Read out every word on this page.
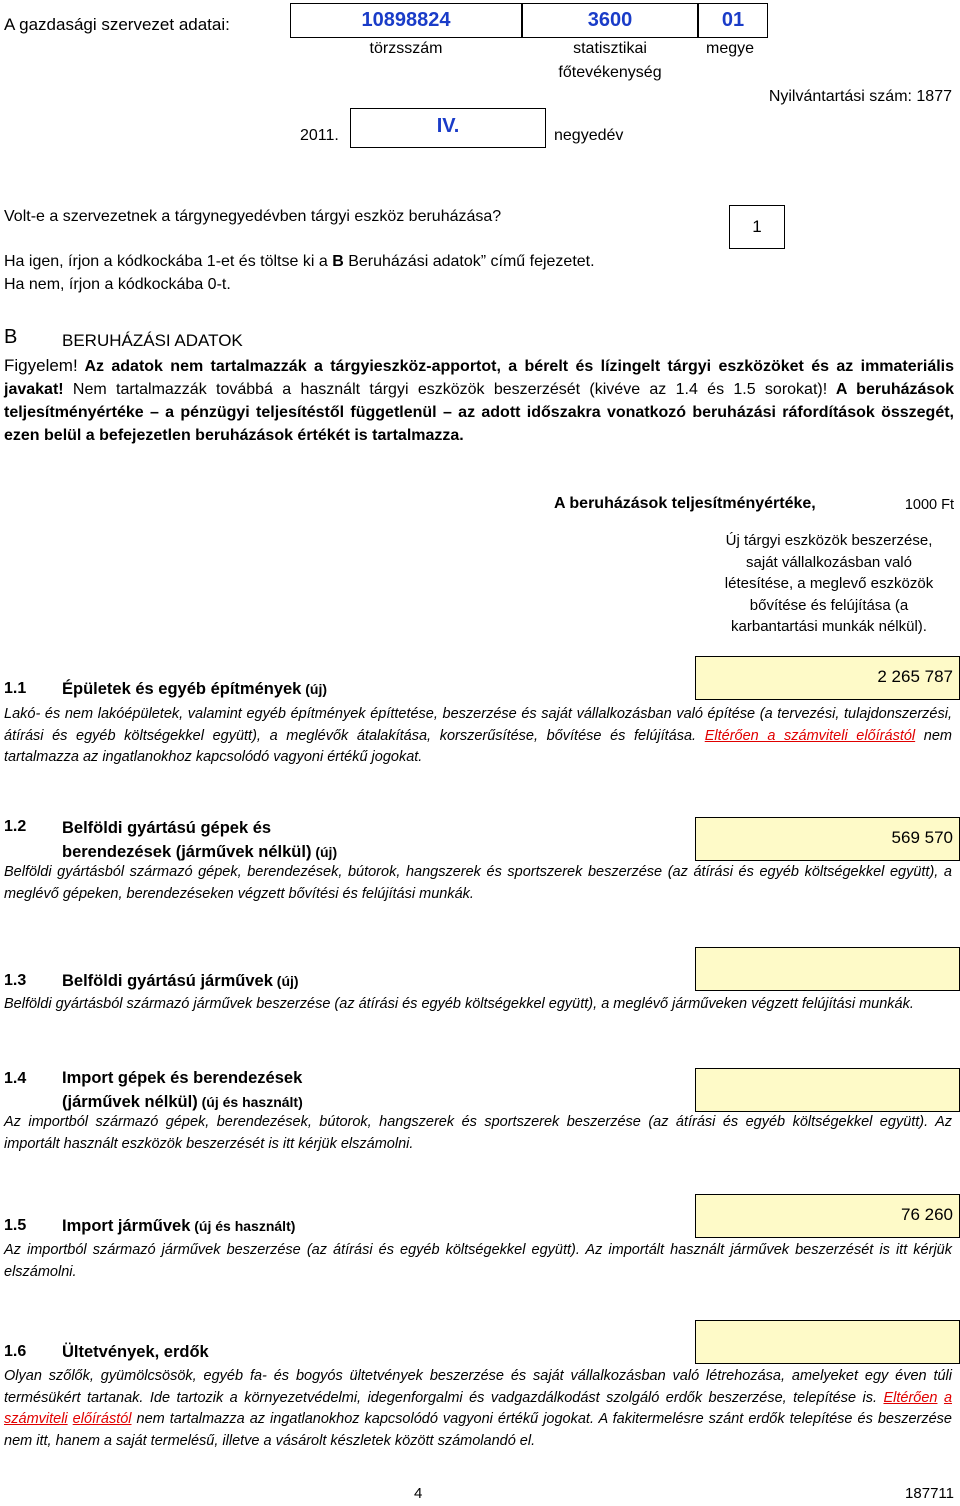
A gazdasági szervezet adatai:	10898824	3600	01
törzsszám	statisztikai
főtevékenység
megye
Nyilvántartási szám: 1877
2011.	IV.	negyedév
Volt-e a szervezetnek a tárgynegyedévben tárgyi eszköz beruházása?
Ha igen, írjon a kódkockába 1-et és töltse ki a B Beruházási adatok” című fejezetet.
Ha nem, írjon a kódkockába 0-t.
1
B	BERUHÁZÁSI ADATOK
Figyelem! Az adatok nem tartalmazzák a tárgyieszköz-apportot, a bérelt és lízingelt tárgyi eszközöket és az immateriális javakat! Nem tartalmazzák továbbá a használt tárgyi eszközök beszerzését (kivéve az 1.4 és 1.5 sorokat)! A beruházások teljesítményértéke – a pénzügyi teljesítéstől függetlenül – az adott időszakra vonatkozó beruházási ráfordítások összegét, ezen belül a befejezetlen beruházások értékét is tartalmazza.
A beruházások teljesítményértéke,	1000 Ft
Új tárgyi eszközök beszerzése,
saját vállalkozásban való
létesítése, a meglevő eszközök
bővítése és felújítása (a
karbantartási munkák nélkül).
1.1 Épületek és egyéb építmények (új)
2 265 787
Lakó- és nem lakóépületek, valamint egyéb építmények építtetése, beszerzése és saját vállalkozásban való építése (a tervezési, tulajdonszerzési, átírási és egyéb költségekkel együtt), a meglévők átalakítása, korszerűsítése, bővítése és felújítása. Eltérően a számviteli előírástól nem tartalmazza az ingatlanokhoz kapcsolódó vagyoni értékű jogokat.
1.2 Belföldi gyártású gépek és
berendezések (járművek nélkül) (új)
569 570
Belföldi gyártásból származó gépek, berendezések, bútorok, hangszerek és sportszerek beszerzése (az átírási és egyéb költségekkel együtt), a meglévő gépeken, berendezéseken végzett bővítési és felújítási munkák.
1.3 Belföldi gyártású járművek (új)
Belföldi gyártásból származó járművek beszerzése (az átírási és egyéb költségekkel együtt), a meglévő járműveken végzett felújítási munkák.
1.4 Import gépek és berendezések
(járművek nélkül) (új és használt)
Az importból származó gépek, berendezések, bútorok, hangszerek és sportszerek beszerzése (az átírási és egyéb költségekkel együtt). Az importált használt eszközök beszerzését is itt kérjük elszámolni.
1.5 Import járművek (új és használt)
76 260
Az importból származó járművek beszerzése (az átírási és egyéb költségekkel együtt). Az importált használt járművek beszerzését is itt kérjük elszámolni.
1.6 Ültetvények, erdők
Olyan szőlők, gyümölcsösök, egyéb fa- és bogyós ültetvények beszerzése és saját vállalkozásban való létrehozása, amelyeket egy éven túli termésükért tartanak. Ide tartozik a környezetvédelmi, idegenforgalmi és vadgazdálkodást szolgáló erdők beszerzése, telepítése is. Eltérően a számviteli előírástól nem tartalmazza az ingatlanokhoz kapcsolódó vagyoni értékű jogokat. A fakitermelésre szánt erdők telepítése és beszerzése nem itt, hanem a saját termelésű, illetve a vásárolt készletek között számolandó el.
4	187711
